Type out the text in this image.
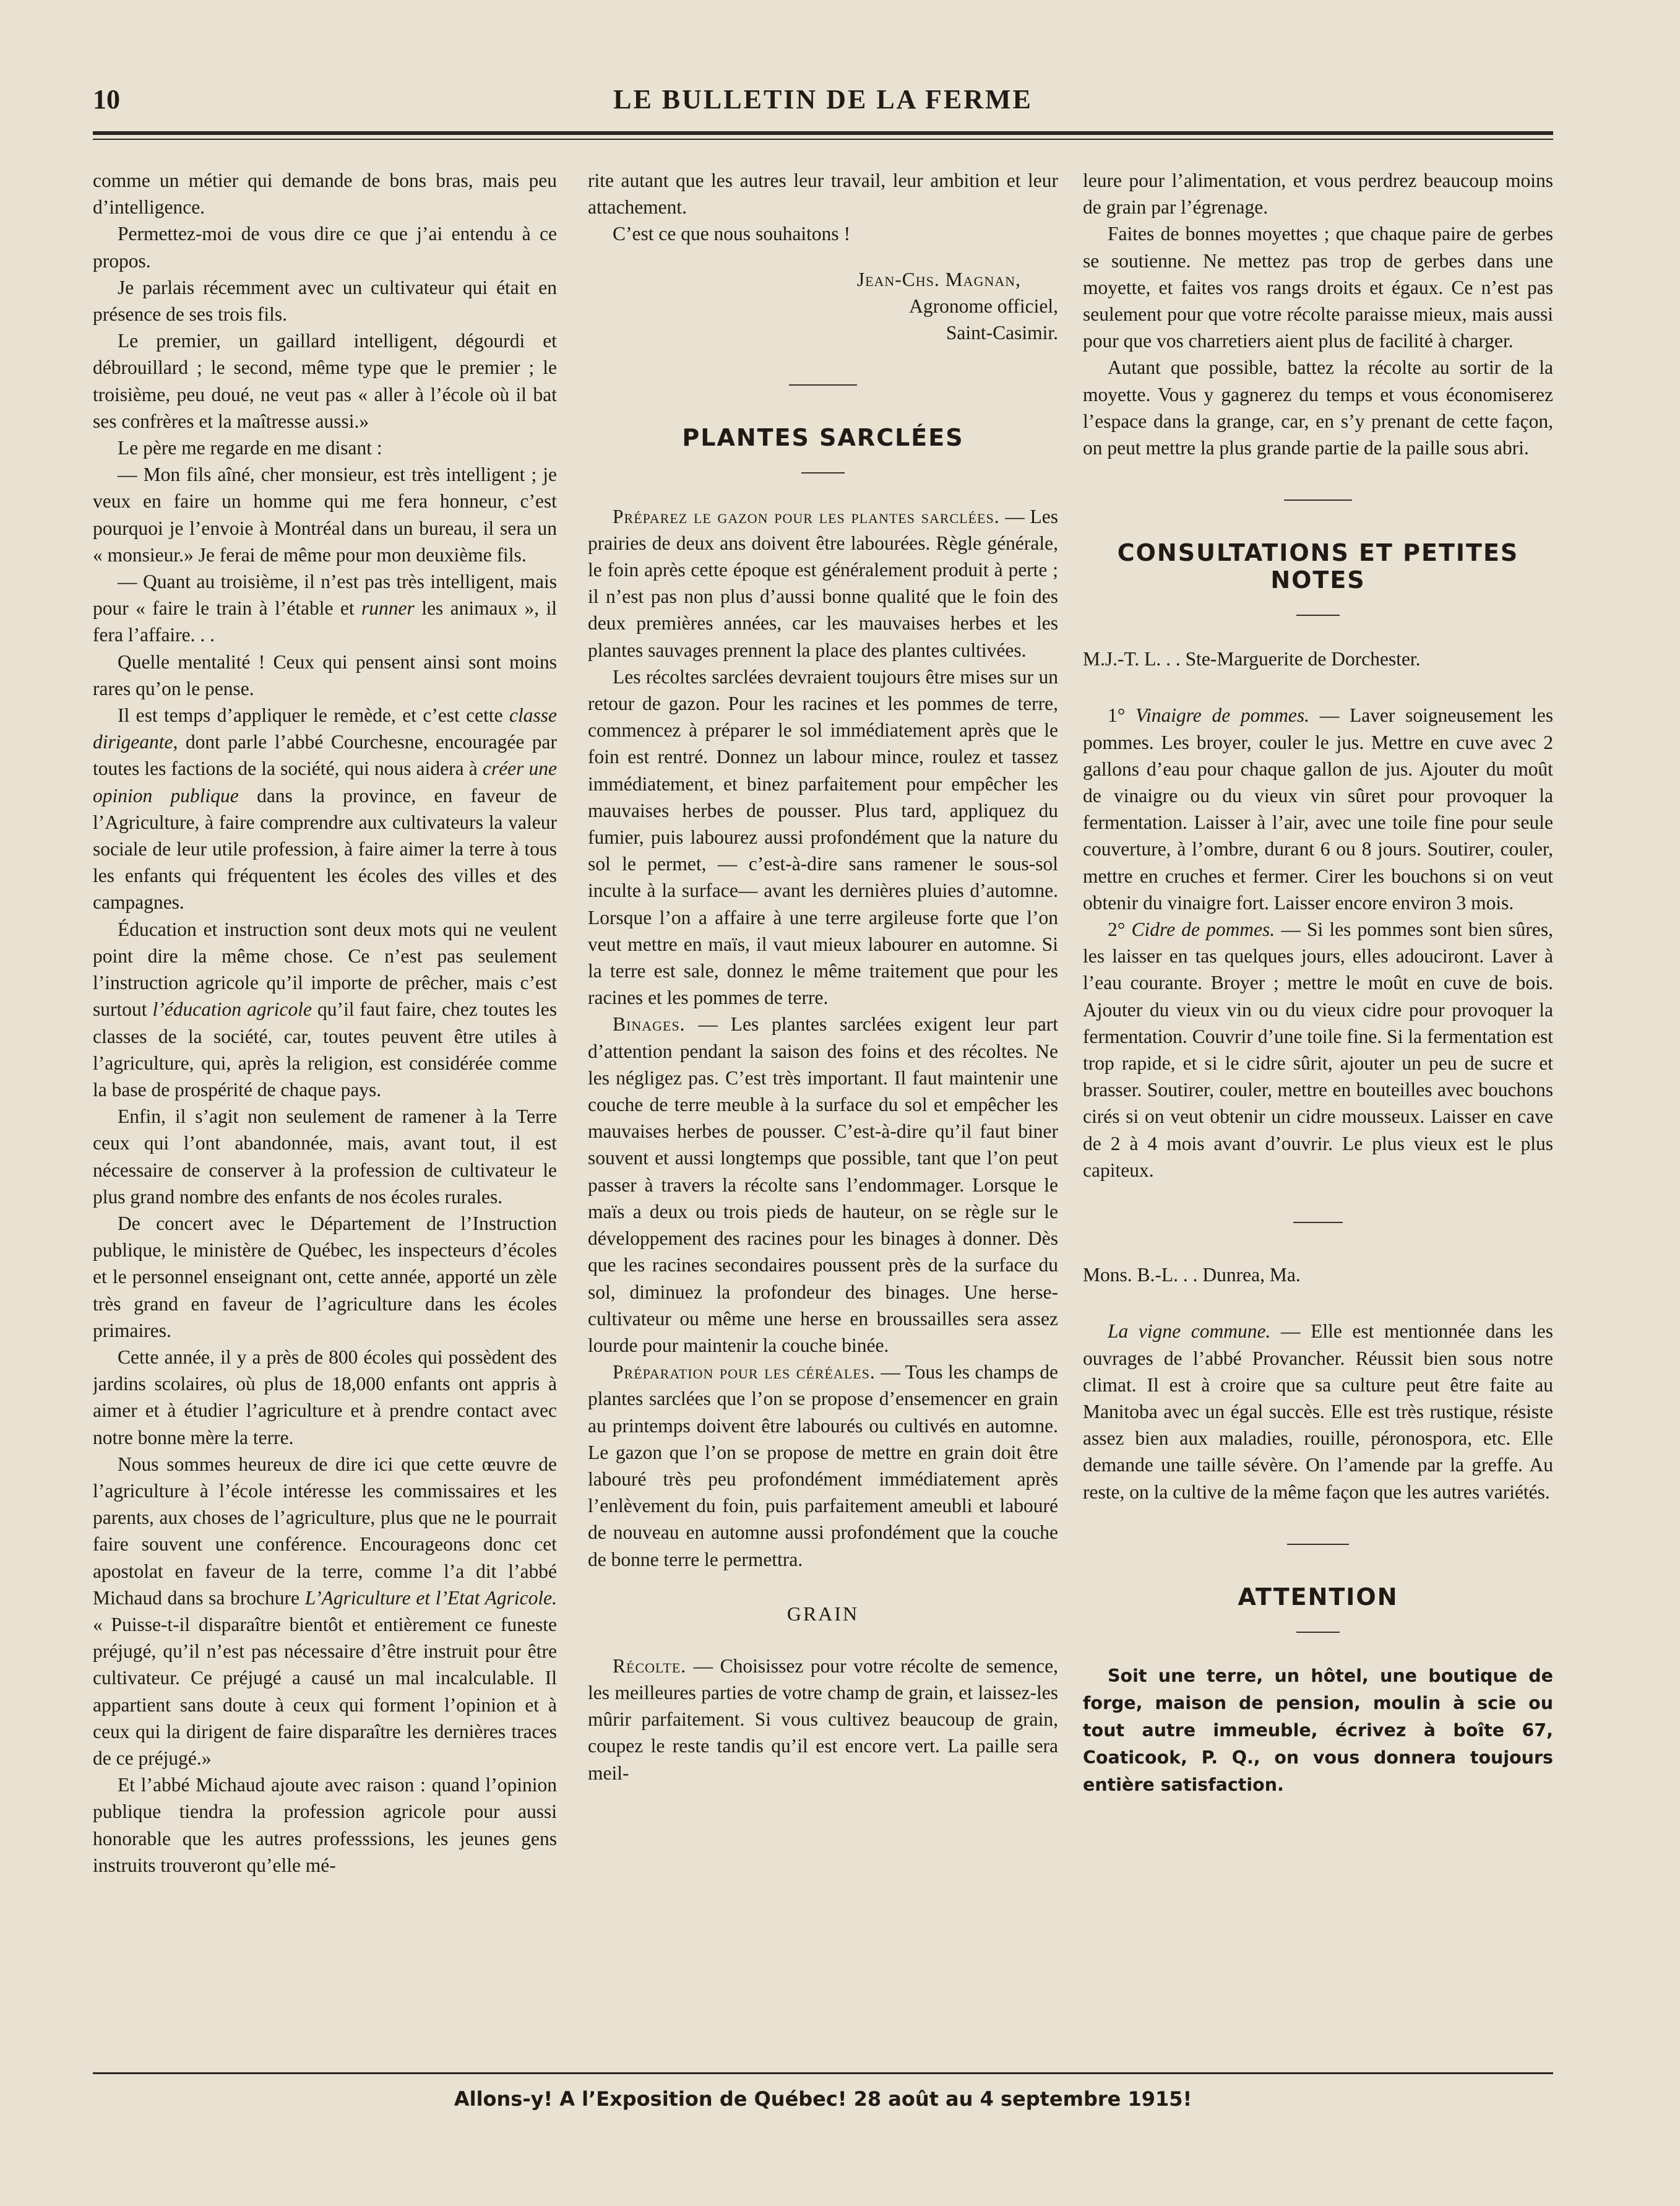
10	LE BULLETIN DE LA FERME

comme un métier qui demande de bons bras, mais peu d’intelligence.

Permettez-moi de vous dire ce que j’ai entendu à ce propos.

Je parlais récemment avec un cultivateur qui était en présence de ses trois fils.

Le premier, un gaillard intelligent, dégourdi et débrouillard ; le second, même type que le premier ; le troisième, peu doué, ne veut pas « aller à l’école où il bat ses confrères et la maîtresse aussi.»

Le père me regarde en me disant :

— Mon fils aîné, cher monsieur, est très intelligent ; je veux en faire un homme qui me fera honneur, c’est pourquoi je l’envoie à Montréal dans un bureau, il sera un « monsieur.» Je ferai de même pour mon deuxième fils.

— Quant au troisième, il n’est pas très intelligent, mais pour « faire le train à l’étable et runner les animaux », il fera l’affaire. . .

Quelle mentalité ! Ceux qui pensent ainsi sont moins rares qu’on le pense.

Il est temps d’appliquer le remède, et c’est cette classe dirigeante, dont parle l’abbé Courchesne, encouragée par toutes les factions de la société, qui nous aidera à créer une opinion publique dans la province, en faveur de l’Agriculture, à faire comprendre aux cultivateurs la valeur sociale de leur utile profession, à faire aimer la terre à tous les enfants qui fréquentent les écoles des villes et des campagnes.

Éducation et instruction sont deux mots qui ne veulent point dire la même chose. Ce n’est pas seulement l’instruction agricole qu’il importe de prêcher, mais c’est surtout l’éducation agricole qu’il faut faire, chez toutes les classes de la société, car, toutes peuvent être utiles à l’agriculture, qui, après la religion, est considérée comme la base de prospérité de chaque pays.

Enfin, il s’agit non seulement de ramener à la Terre ceux qui l’ont abandonnée, mais, avant tout, il est nécessaire de conserver à la profession de cultivateur le plus grand nombre des enfants de nos écoles rurales.

De concert avec le Département de l’Instruction publique, le ministère de Québec, les inspecteurs d’écoles et le personnel enseignant ont, cette année, apporté un zèle très grand en faveur de l’agriculture dans les écoles primaires.

Cette année, il y a près de 800 écoles qui possèdent des jardins scolaires, où plus de 18,000 enfants ont appris à aimer et à étudier l’agriculture et à prendre contact avec notre bonne mère la terre.

Nous sommes heureux de dire ici que cette œuvre de l’agriculture à l’école intéresse les commissaires et les parents, aux choses de l’agriculture, plus que ne le pourrait faire souvent une conférence. Encourageons donc cet apostolat en faveur de la terre, comme l’a dit l’abbé Michaud dans sa brochure L’Agriculture et l’Etat Agricole. « Puisse-t-il disparaître bientôt et entièrement ce funeste préjugé, qu’il n’est pas nécessaire d’être instruit pour être cultivateur. Ce préjugé a causé un mal incalculable. Il appartient sans doute à ceux qui forment l’opinion et à ceux qui la dirigent de faire disparaître les dernières traces de ce préjugé.»

Et l’abbé Michaud ajoute avec raison : quand l’opinion publique tiendra la profession agricole pour aussi honorable que les autres professsions, les jeunes gens instruits trouveront qu’elle mé-

rite autant que les autres leur travail, leur ambition et leur attachement.

C’est ce que nous souhaitons !

Jean-Chs. Magnan,
Agronome officiel,
Saint-Casimir.
PLANTES SARCLÉES

Préparez le gazon pour les plantes sarclées. — Les prairies de deux ans doivent être labourées. Règle générale, le foin après cette époque est généralement produit à perte ; il n’est pas non plus d’aussi bonne qualité que le foin des deux premières années, car les mauvaises herbes et les plantes sauvages prennent la place des plantes cultivées.

Les récoltes sarclées devraient toujours être mises sur un retour de gazon. Pour les racines et les pommes de terre, commencez à préparer le sol immédiatement après que le foin est rentré. Donnez un labour mince, roulez et tassez immédiatement, et binez parfaitement pour empêcher les mauvaises herbes de pousser. Plus tard, appliquez du fumier, puis labourez aussi profondément que la nature du sol le permet, — c’est-à-dire sans ramener le sous-sol inculte à la surface— avant les dernières pluies d’automne. Lorsque l’on a affaire à une terre argileuse forte que l’on veut mettre en maïs, il vaut mieux labourer en automne. Si la terre est sale, donnez le même traitement que pour les racines et les pommes de terre.

Binages. — Les plantes sarclées exigent leur part d’attention pendant la saison des foins et des récoltes. Ne les négligez pas. C’est très important. Il faut maintenir une couche de terre meuble à la surface du sol et empêcher les mauvaises herbes de pousser. C’est-à-dire qu’il faut biner souvent et aussi longtemps que possible, tant que l’on peut passer à travers la récolte sans l’endommager. Lorsque le maïs a deux ou trois pieds de hauteur, on se règle sur le développement des racines pour les binages à donner. Dès que les racines secondaires poussent près de la surface du sol, diminuez la profondeur des binages. Une herse-cultivateur ou même une herse en broussailles sera assez lourde pour maintenir la couche binée.

Préparation pour les céréales. — Tous les champs de plantes sarclées que l’on se propose d’ensemencer en grain au printemps doivent être labourés ou cultivés en automne. Le gazon que l’on se propose de mettre en grain doit être labouré très peu profondément immédiatement après l’enlèvement du foin, puis parfaitement ameubli et labouré de nouveau en automne aussi profondément que la couche de bonne terre le permettra.

GRAIN

Récolte. — Choisissez pour votre récolte de semence, les meilleures parties de votre champ de grain, et laissez-les mûrir parfaitement. Si vous cultivez beaucoup de grain, coupez le reste tandis qu’il est encore vert. La paille sera meil-

leure pour l’alimentation, et vous perdrez beaucoup moins de grain par l’égrenage.

Faites de bonnes moyettes ; que chaque paire de gerbes se soutienne. Ne mettez pas trop de gerbes dans une moyette, et faites vos rangs droits et égaux. Ce n’est pas seulement pour que votre récolte paraisse mieux, mais aussi pour que vos charretiers aient plus de facilité à charger.

Autant que possible, battez la récolte au sortir de la moyette. Vous y gagnerez du temps et vous économiserez l’espace dans la grange, car, en s’y prenant de cette façon, on peut mettre la plus grande partie de la paille sous abri.

CONSULTATIONS ET PETITES NOTES

M.J.-T. L. . . Ste-Marguerite de Dorchester.

1° Vinaigre de pommes. — Laver soigneusement les pommes. Les broyer, couler le jus. Mettre en cuve avec 2 gallons d’eau pour chaque gallon de jus. Ajouter du moût de vinaigre ou du vieux vin sûret pour provoquer la fermentation. Laisser à l’air, avec une toile fine pour seule couverture, à l’ombre, durant 6 ou 8 jours. Soutirer, couler, mettre en cruches et fermer. Cirer les bouchons si on veut obtenir du vinaigre fort. Laisser encore environ 3 mois.

2° Cidre de pommes. — Si les pommes sont bien sûres, les laisser en tas quelques jours, elles adouciront. Laver à l’eau courante. Broyer ; mettre le moût en cuve de bois. Ajouter du vieux vin ou du vieux cidre pour provoquer la fermentation. Couvrir d’une toile fine. Si la fermentation est trop rapide, et si le cidre sûrit, ajouter un peu de sucre et brasser. Soutirer, couler, mettre en bouteilles avec bouchons cirés si on veut obtenir un cidre mousseux. Laisser en cave de 2 à 4 mois avant d’ouvrir. Le plus vieux est le plus capiteux.

Mons. B.-L. . . Dunrea, Ma.

La vigne commune. — Elle est mentionnée dans les ouvrages de l’abbé Provancher. Réussit bien sous notre climat. Il est à croire que sa culture peut être faite au Manitoba avec un égal succès. Elle est très rustique, résiste assez bien aux maladies, rouille, péronospora, etc. Elle demande une taille sévère. On l’amende par la greffe. Au reste, on la cultive de la même façon que les autres variétés.

ATTENTION

Soit une terre, un hôtel, une boutique de forge, maison de pension, moulin à scie ou tout autre immeuble, écrivez à boîte 67, Coaticook, P. Q., on vous donnera toujours entière satisfaction.

Allons-y! A l’Exposition de Québec! 28 août au 4 septembre 1915!
